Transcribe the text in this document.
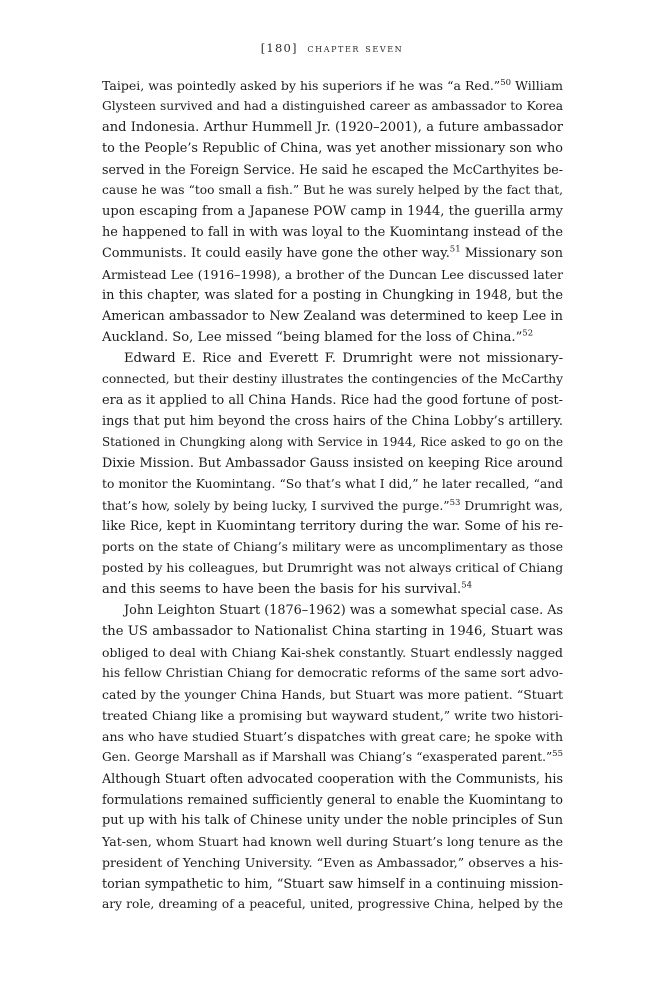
[180] chapter seven
Taipei, was pointedly asked by his superiors if he was “a Red.”$^{50}$ William
Glysteen survived and had a distinguished career as ambassador to Korea
and Indonesia. Arthur Hummell Jr. (1920–2001), a future ambassador
to the People’s Republic of China, was yet another missionary son who
served in the Foreign Service. He said he escaped the McCarthyites be-
cause he was “too small a fish.” But he was surely helped by the fact that,
upon escaping from a Japanese POW camp in 1944, the guerilla army
he happened to fall in with was loyal to the Kuomintang instead of the
Communists. It could easily have gone the other way.$^{51}$ Missionary son
Armistead Lee (1916–1998), a brother of the Duncan Lee discussed later
in this chapter, was slated for a posting in Chungking in 1948, but the
American ambassador to New Zealand was determined to keep Lee in
Auckland. So, Lee missed “being blamed for the loss of China.”$^{52}$
Edward E. Rice and Everett F. Drumright were not missionary-
connected, but their destiny illustrates the contingencies of the McCarthy
era as it applied to all China Hands. Rice had the good fortune of post-
ings that put him beyond the cross hairs of the China Lobby’s artillery.
Stationed in Chungking along with Service in 1944, Rice asked to go on the
Dixie Mission. But Ambassador Gauss insisted on keeping Rice around
to monitor the Kuomintang. “So that’s what I did,” he later recalled, “and
that’s how, solely by being lucky, I survived the purge.”$^{53}$ Drumright was,
like Rice, kept in Kuomintang territory during the war. Some of his re-
ports on the state of Chiang’s military were as uncomplimentary as those
posted by his colleagues, but Drumright was not always critical of Chiang
and this seems to have been the basis for his survival.$^{54}$
John Leighton Stuart (1876–1962) was a somewhat special case. As
the US ambassador to Nationalist China starting in 1946, Stuart was
obliged to deal with Chiang Kai-shek constantly. Stuart endlessly nagged
his fellow Christian Chiang for democratic reforms of the same sort advo-
cated by the younger China Hands, but Stuart was more patient. “Stuart
treated Chiang like a promising but wayward student,” write two histori-
ans who have studied Stuart’s dispatches with great care; he spoke with
Gen. George Marshall as if Marshall was Chiang’s “exasperated parent.”$^{55}$
Although Stuart often advocated cooperation with the Communists, his
formulations remained sufficiently general to enable the Kuomintang to
put up with his talk of Chinese unity under the noble principles of Sun
Yat-sen, whom Stuart had known well during Stuart’s long tenure as the
president of Yenching University. “Even as Ambassador,” observes a his-
torian sympathetic to him, “Stuart saw himself in a continuing mission-
ary role, dreaming of a peaceful, united, progressive China, helped by the
